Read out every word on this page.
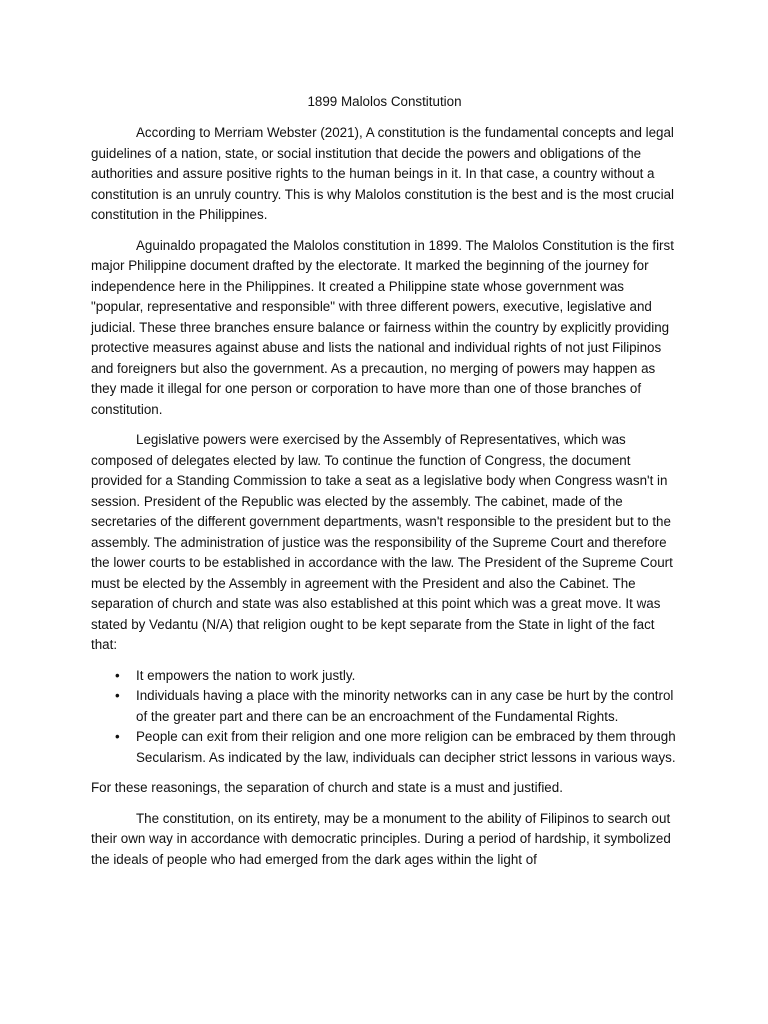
1899 Malolos Constitution

According to Merriam Webster (2021), A constitution is the fundamental concepts and legal guidelines of a nation, state, or social institution that decide the powers and obligations of the authorities and assure positive rights to the human beings in it. In that case, a country without a constitution is an unruly country. This is why Malolos constitution is the best and is the most crucial constitution in the Philippines.

Aguinaldo propagated the Malolos constitution in 1899. The Malolos Constitution is the first major Philippine document drafted by the electorate. It marked the beginning of the journey for independence here in the Philippines. It created a Philippine state whose government was "popular, representative and responsible" with three different powers, executive, legislative and judicial. These three branches ensure balance or fairness within the country by explicitly providing protective measures against abuse and lists the national and individual rights of not just Filipinos and foreigners but also the government. As a precaution, no merging of powers may happen as they made it illegal for one person or corporation to have more than one of those branches of constitution.

Legislative powers were exercised by the Assembly of Representatives, which was composed of delegates elected by law. To continue the function of Congress, the document provided for a Standing Commission to take a seat as a legislative body when Congress wasn't in session. President of the Republic was elected by the assembly. The cabinet, made of the secretaries of the different government departments, wasn't responsible to the president but to the assembly. The administration of justice was the responsibility of the Supreme Court and therefore the lower courts to be established in accordance with the law. The President of the Supreme Court must be elected by the Assembly in agreement with the President and also the Cabinet. The separation of church and state was also established at this point which was a great move. It was stated by Vedantu (N/A) that religion ought to be kept separate from the State in light of the fact that:

• It empowers the nation to work justly.
• Individuals having a place with the minority networks can in any case be hurt by the control of the greater part and there can be an encroachment of the Fundamental Rights.
• People can exit from their religion and one more religion can be embraced by them through Secularism. As indicated by the law, individuals can decipher strict lessons in various ways.

For these reasonings, the separation of church and state is a must and justified.

The constitution, on its entirety, may be a monument to the ability of Filipinos to search out their own way in accordance with democratic principles. During a period of hardship, it symbolized the ideals of people who had emerged from the dark ages within the light of
